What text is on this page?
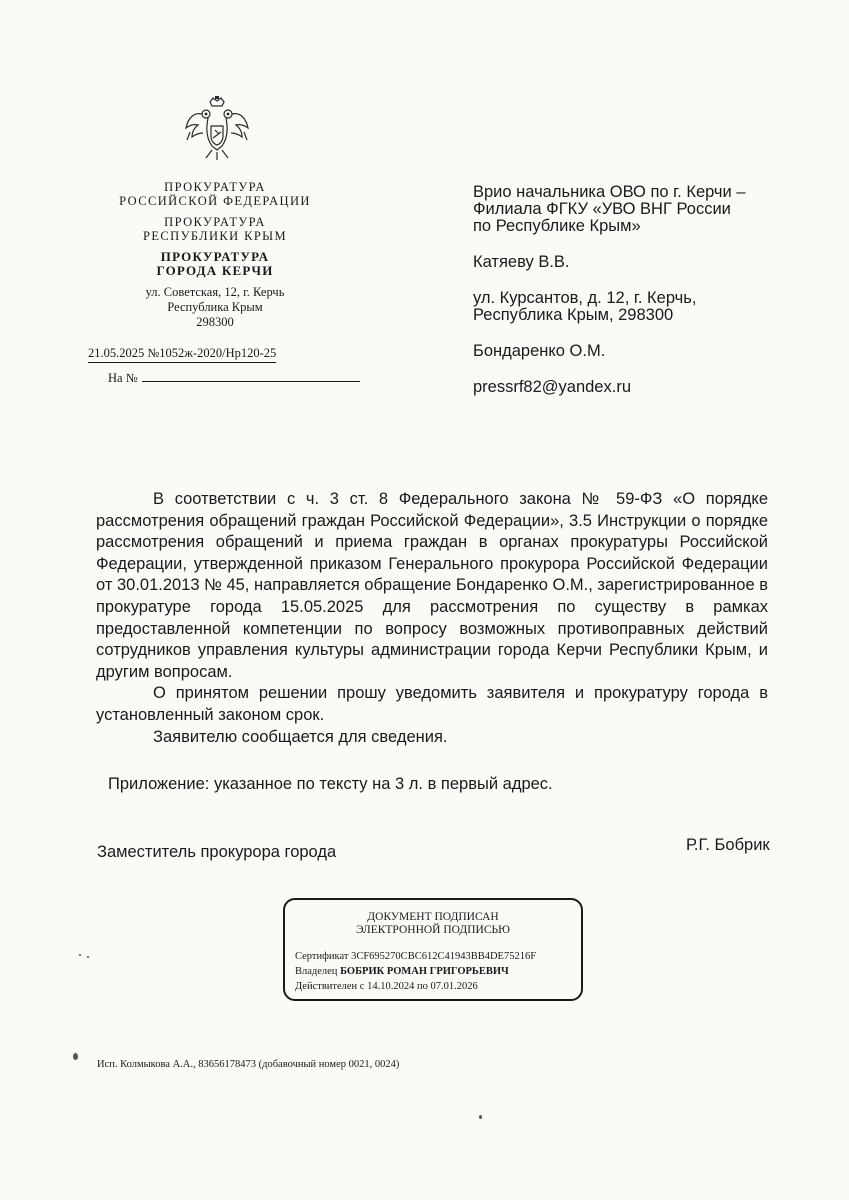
ПРОКУРАТУРА
РОССИЙСКОЙ ФЕДЕРАЦИИ
ПРОКУРАТУРА
РЕСПУБЛИКИ КРЫМ
ПРОКУРАТУРА
ГОРОДА КЕРЧИ
ул. Советская, 12, г. Керчь
Республика Крым
298300
21.05.2025 №1052ж-2020/Нр120-25
На №

Врио начальника ОВО по г. Керчи –

Филиала ФГКУ «УВО ВНГ России

по Республике Крым»

Катяеву В.В.

ул. Курсантов, д. 12, г. Керчь,

Республика Крым, 298300

Бондаренко О.М.

pressrf82@yandex.ru

В соответствии с ч. 3 ст. 8 Федерального закона № 59-ФЗ «О порядке рассмотрения обращений граждан Российской Федерации», 3.5 Инструкции о порядке рассмотрения обращений и приема граждан в органах прокуратуры Российской Федерации, утвержденной приказом Генерального прокурора Российской Федерации от 30.01.2013 № 45, направляется обращение Бондаренко О.М., зарегистрированное в прокуратуре города 15.05.2025 для рассмотрения по существу в рамках предоставленной компетенции по вопросу возможных противоправных действий сотрудников управления культуры администрации города Керчи Республики Крым, и другим вопросам.

О принятом решении прошу уведомить заявителя и прокуратуру города в установленный законом срок.

Заявителю сообщается для сведения.

Приложение: указанное по тексту на 3 л. в первый адрес.
Заместитель прокурора города	Р.Г. Бобрик
ДОКУМЕНТ ПОДПИСАН
ЭЛЕКТРОННОЙ ПОДПИСЬЮ
Сертификат 3CF695270CBC612C41943BB4DE75216F
Владелец БОБРИК РОМАН ГРИГОРЬЕВИЧ
Действителен с 14.10.2024 по 07.01.2026
Исп. Колмыкова А.А., 83656178473 (добавочный номер 0021, 0024)
